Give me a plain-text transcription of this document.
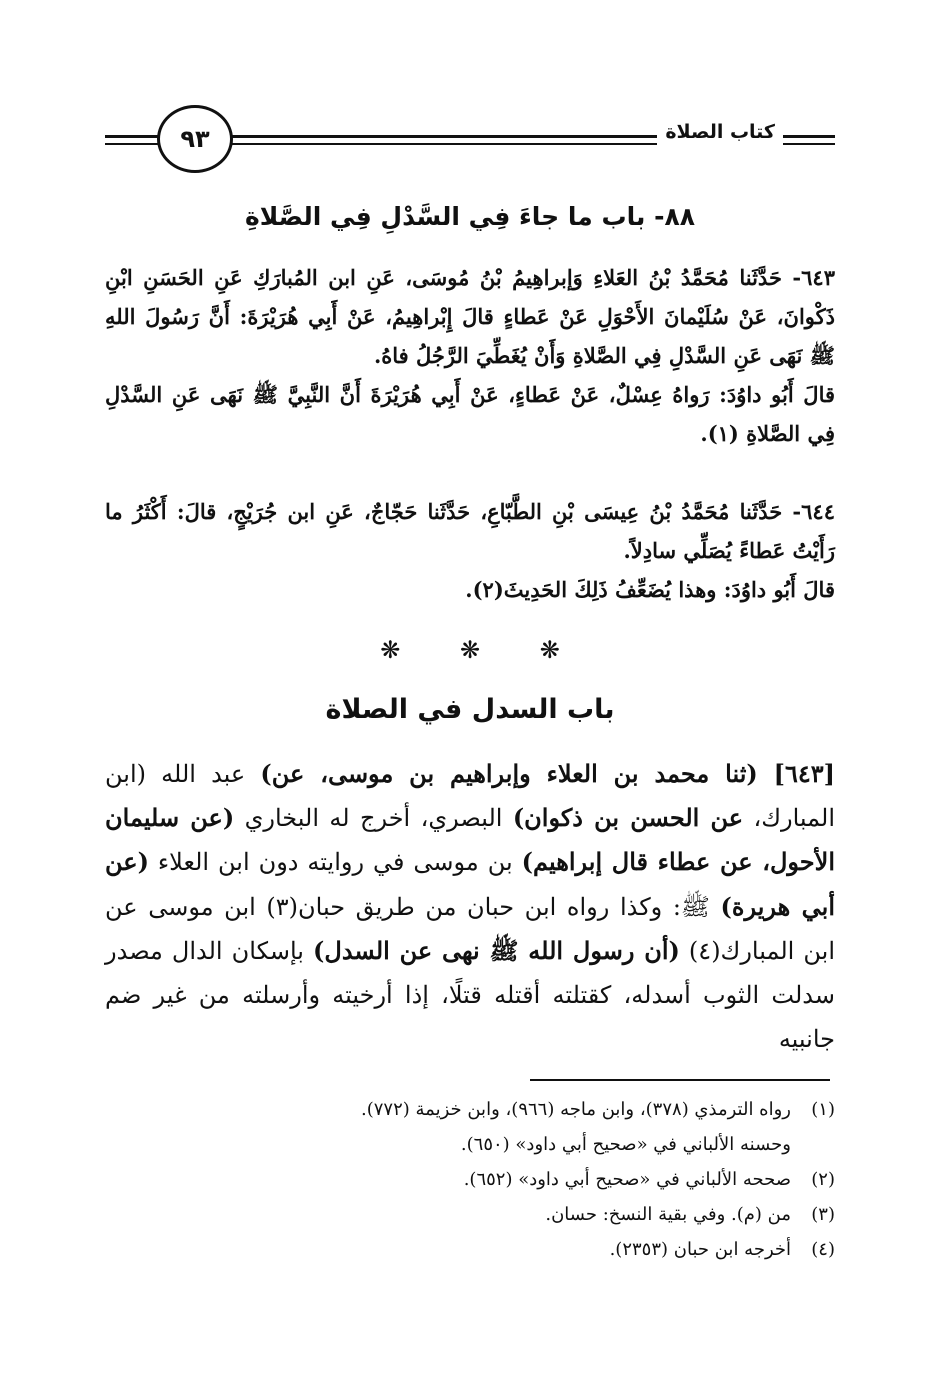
كتاب الصلاة
٩٣
٨٨- باب ما جاءَ فِي السَّدْلِ فِي الصَّلاةِ

٦٤٣- حَدَّثَنا مُحَمَّدُ بْنُ العَلاءِ وَإبراهِيمُ بْنُ مُوسَى، عَنِ ابن المُبارَكِ عَنِ الحَسَنِ ابْنِ ذَكْوانَ، عَنْ سُلَيْمانَ الأَحْوَلِ عَنْ عَطاءٍ قالَ إِبْراهِيمُ، عَنْ أَبِي هُرَيْرَةَ: أَنَّ رَسُولَ اللهِ ﷺ نَهَى عَنِ السَّدْلِ فِي الصَّلاةِ وَأَنْ يُغَطِّيَ الرَّجُلُ فاهُ.

قالَ أَبُو داوُدَ: رَواهُ عِسْلٌ، عَنْ عَطاءٍ، عَنْ أَبِي هُرَيْرَةَ أَنَّ النَّبِيَّ ﷺ نَهَى عَنِ السَّدْلِ فِي الصَّلاةِ (١).

٦٤٤- حَدَّثَنا مُحَمَّدُ بْنُ عِيسَى بْنِ الطَّبّاعِ، حَدَّثَنا حَجّاجٌ، عَنِ ابن جُرَيْجٍ، قالَ: أَكْثَرُ ما رَأَيْتُ عَطاءً يُصَلِّي سادِلاً.

قالَ أَبُو داوُدَ: وهذا يُضَعِّفُ ذَلِكَ الحَدِيثَ(٢).

❋ ❋ ❋
باب السدل في الصلاة

[٦٤٣] (ثنا محمد بن العلاء وإبراهيم بن موسى، عن) عبد الله (ابن المبارك، عن الحسن بن ذكوان) البصري، أخرج له البخاري (عن سليمان الأحول، عن عطاء قال إبراهيم) بن موسى في روايته دون ابن العلاء (عن أبي هريرة) ﷺ: وكذا رواه ابن حبان من طريق حبان(٣) ابن موسى عن ابن المبارك(٤) (أن رسول الله ﷺ نهى عن السدل) بإسكان الدال مصدر سدلت الثوب أسدله، كقتلته أقتله قتلًا، إذا أرخيته وأرسلته من غير ضم جانبيه

(١)رواه الترمذي (٣٧٨)، وابن ماجه (٩٦٦)، وابن خزيمة (٧٧٢).
وحسنه الألباني في «صحيح أبي داود» (٦٥٠).
(٢)صححه الألباني في «صحيح أبي داود» (٦٥٢).
(٣)من (م). وفي بقية النسخ: حسان.
(٤)أخرجه ابن حبان (٢٣٥٣).
